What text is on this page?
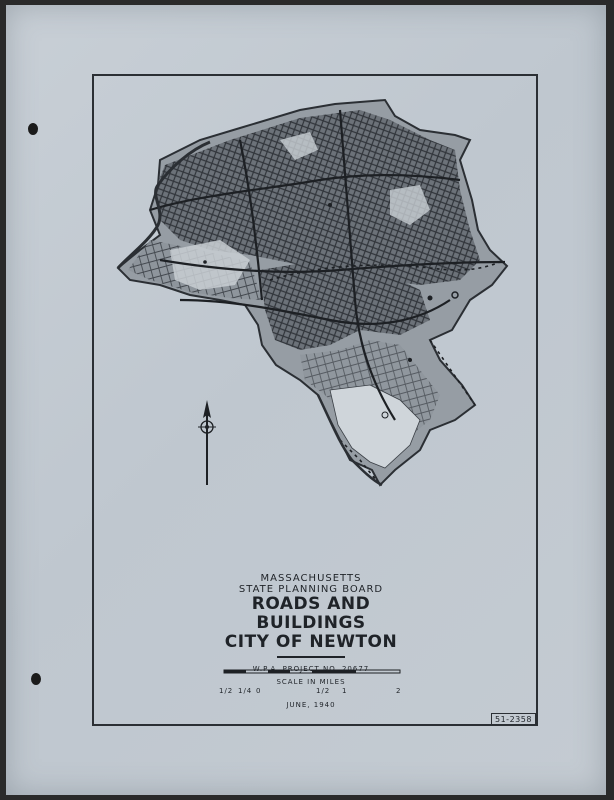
MASSACHUSETTS
STATE PLANNING BOARD
ROADS AND BUILDINGS
CITY OF NEWTON
W.P.A. PROJECT NO. 20677
SCALE IN MILES
1/2 1/4 0	1/2 1	2
JUNE, 1940
51-2358
